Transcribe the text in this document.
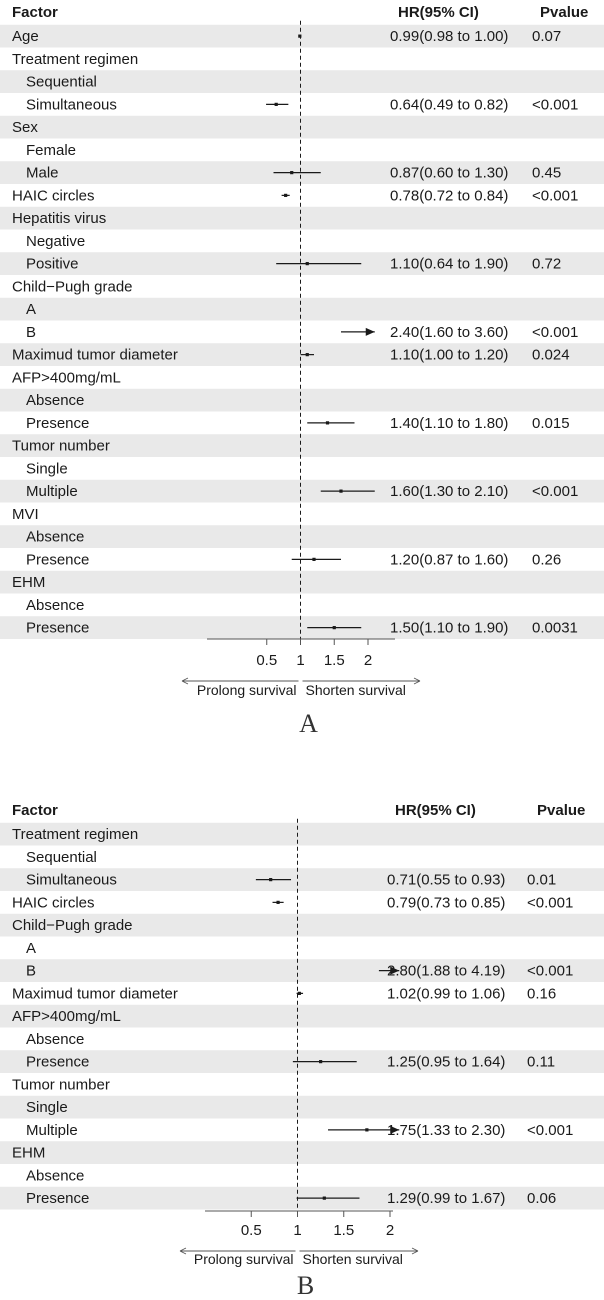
Factor	HR(95% CI)	Pvalue
Age	0.99(0.98 to 1.00) 0.07
Treatment regimen
Sequential
Simultaneous	0.64(0.49 to 0.82) <0.001
Sex
Female
Male	0.87(0.60 to 1.30) 0.45
HAIC circles	0.78(0.72 to 0.84) <0.001
Hepatitis virus
Negative
Positive	1.10(0.64 to 1.90) 0.72
Child−Pugh grade
A
B	2.40(1.60 to 3.60) <0.001
Maximud tumor diameter	1.10(1.00 to 1.20) 0.024
AFP>400mg/mL
Absence
Presence	1.40(1.10 to 1.80) 0.015
Tumor number
Single
Multiple	1.60(1.30 to 2.10) <0.001
MVI
Absence
Presence	1.20(0.87 to 1.60) 0.26
EHM
Absence
Presence	1.50(1.10 to 1.90) 0.0031
0.5 1 1.5 2
Prolong survival Shorten survival
A
Factor	HR(95% CI)	Pvalue
Treatment regimen
Sequential
Simultaneous	0.71(0.55 to 0.93) 0.01
HAIC circles	0.79(0.73 to 0.85) <0.001
Child−Pugh grade
A
B	2.80(1.88 to 4.19) <0.001
Maximud tumor diameter	1.02(0.99 to 1.06) 0.16
AFP>400mg/mL
Absence
Presence	1.25(0.95 to 1.64) 0.11
Tumor number
Single
Multiple	1.75(1.33 to 2.30) <0.001
EHM
Absence
Presence	1.29(0.99 to 1.67) 0.06
0.5 1 1.5 2
Prolong survival Shorten survival
B
